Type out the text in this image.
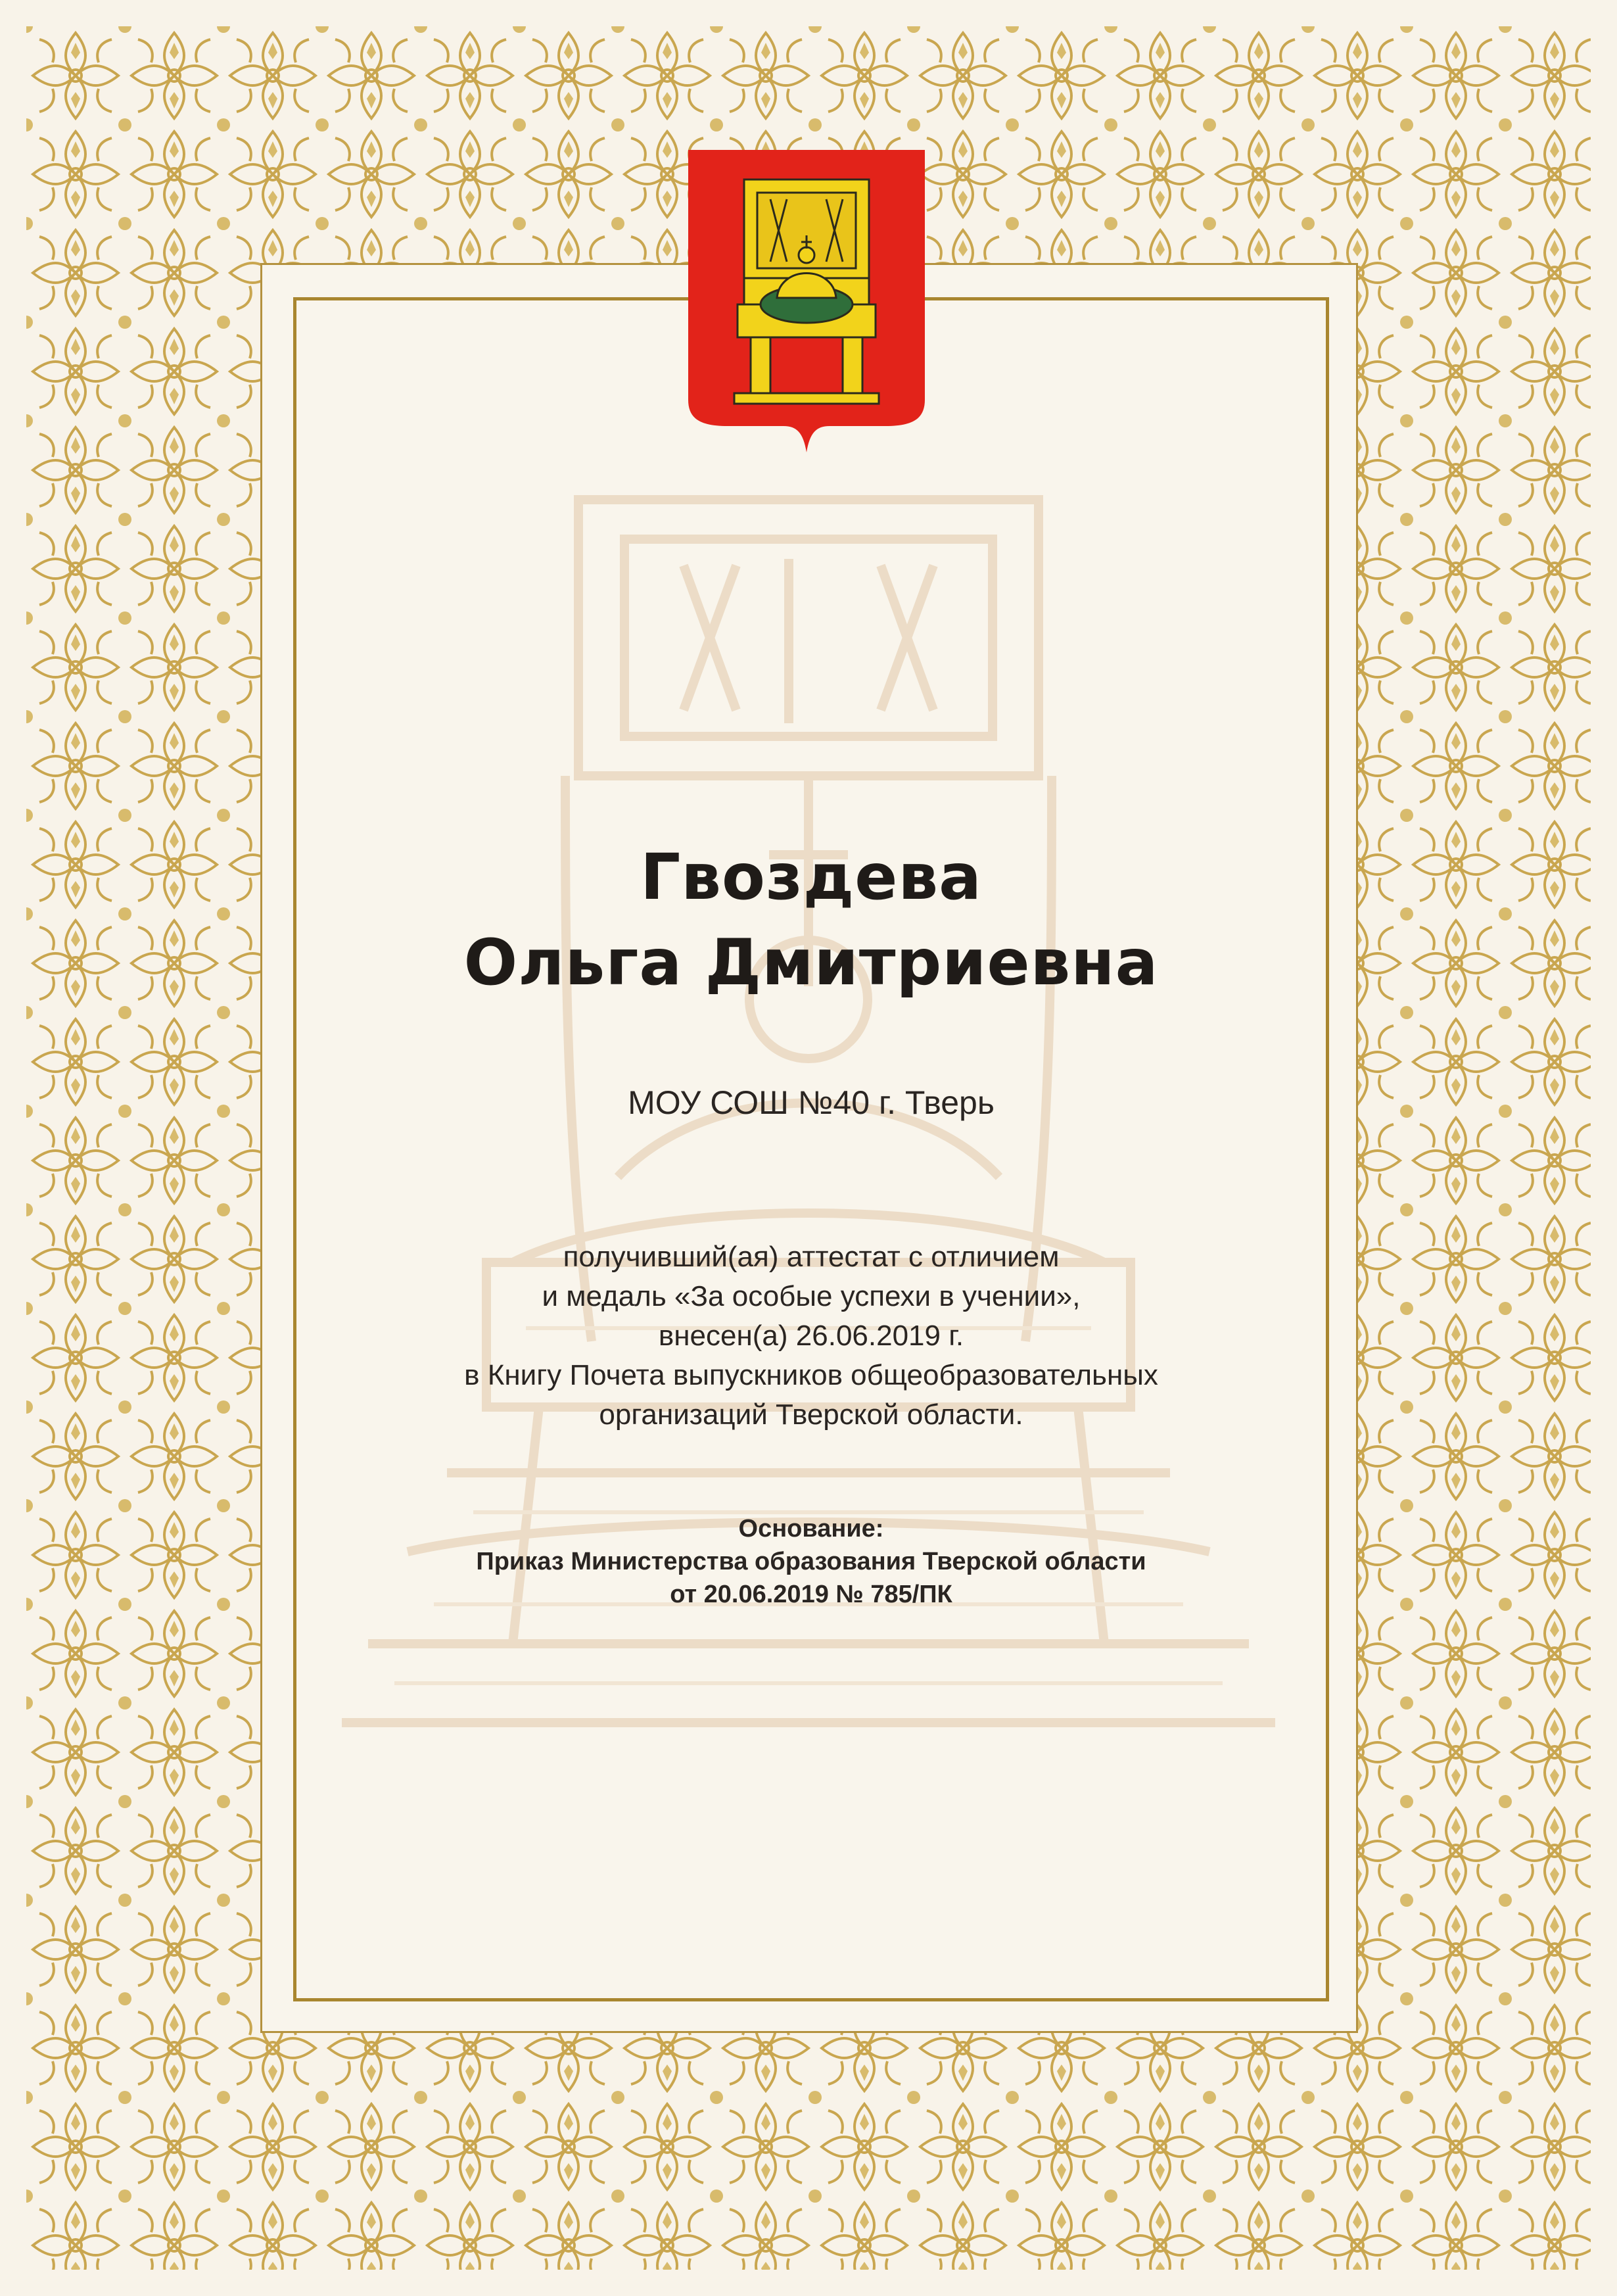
Гвоздева
Ольга Дмитриевна
МОУ СОШ №40 г. Тверь
получивший(ая) аттестат с отличием
и медаль «За особые успехи в учении»,
внесен(а) 26.06.2019 г.
в Книгу Почета выпускников общеобразовательных
организаций Тверской области.
Основание:
Приказ Министерства образования Тверской области
от 20.06.2019 № 785/ПК
